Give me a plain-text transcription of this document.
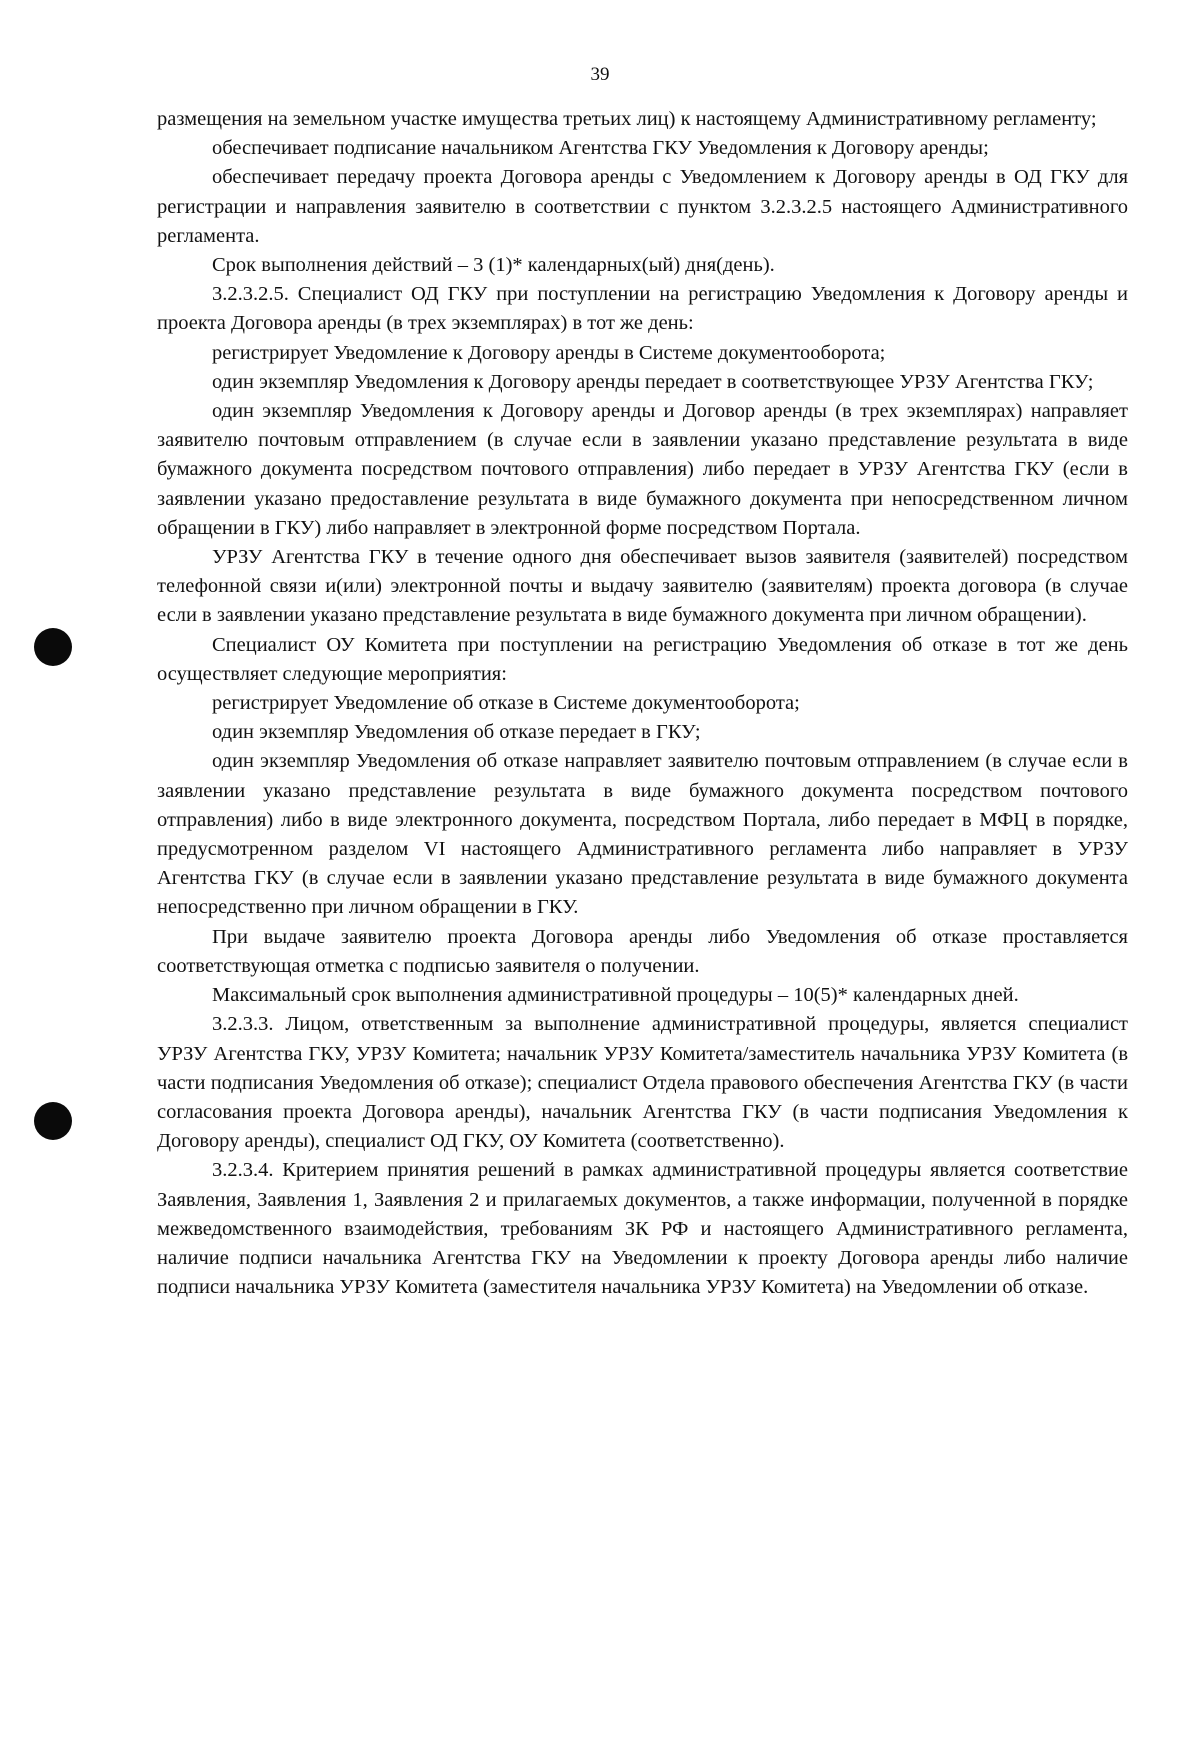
39

размещения на земельном участке имущества третьих лиц) к настоящему Административному регламенту;

обеспечивает подписание начальником Агентства ГКУ Уведомления к Договору аренды;

обеспечивает передачу проекта Договора аренды с Уведомлением к Договору аренды в ОД ГКУ для регистрации и направления заявителю в соответствии с пунктом 3.2.3.2.5 настоящего Административного регламента.

Срок выполнения действий – 3 (1)* календарных(ый) дня(день).

3.2.3.2.5. Специалист ОД ГКУ при поступлении на регистрацию Уведомления к Договору аренды и проекта Договора аренды (в трех экземплярах) в тот же день:

регистрирует Уведомление к Договору аренды в Системе документооборота;

один экземпляр Уведомления к Договору аренды передает в соответствующее УРЗУ Агентства ГКУ;

один экземпляр Уведомления к Договору аренды и Договор аренды (в трех экземплярах) направляет заявителю почтовым отправлением (в случае если в заявлении указано представление результата в виде бумажного документа посредством почтового отправления) либо передает в УРЗУ Агентства ГКУ (если в заявлении указано предоставление результата в виде бумажного документа при непосредственном личном обращении в ГКУ) либо направляет в электронной форме посредством Портала.

УРЗУ Агентства ГКУ в течение одного дня обеспечивает вызов заявителя (заявителей) посредством телефонной связи и(или) электронной почты и выдачу заявителю (заявителям) проекта договора (в случае если в заявлении указано представление результата в виде бумажного документа при личном обращении).

Специалист ОУ Комитета при поступлении на регистрацию Уведомления об отказе в тот же день осуществляет следующие мероприятия:

регистрирует Уведомление об отказе в Системе документооборота;

один экземпляр Уведомления об отказе передает в ГКУ;

один экземпляр Уведомления об отказе направляет заявителю почтовым отправлением (в случае если в заявлении указано представление результата в виде бумажного документа посредством почтового отправления) либо в виде электронного документа, посредством Портала, либо передает в МФЦ в порядке, предусмотренном разделом VI настоящего Административного регламента либо направляет в УРЗУ Агентства ГКУ (в случае если в заявлении указано представление результата в виде бумажного документа непосредственно при личном обращении в ГКУ.

При выдаче заявителю проекта Договора аренды либо Уведомления об отказе проставляется соответствующая отметка с подписью заявителя о получении.

Максимальный срок выполнения административной процедуры – 10(5)* календарных дней.

3.2.3.3. Лицом, ответственным за выполнение административной процедуры, является специалист УРЗУ Агентства ГКУ, УРЗУ Комитета; начальник УРЗУ Комитета/заместитель начальника УРЗУ Комитета (в части подписания Уведомления об отказе); специалист Отдела правового обеспечения Агентства ГКУ (в части согласования проекта Договора аренды), начальник Агентства ГКУ (в части подписания Уведомления к Договору аренды), специалист ОД ГКУ, ОУ Комитета (соответственно).

3.2.3.4. Критерием принятия решений в рамках административной процедуры является соответствие Заявления, Заявления 1, Заявления 2 и прилагаемых документов, а также информации, полученной в порядке межведомственного взаимодействия, требованиям ЗК РФ и настоящего Административного регламента, наличие подписи начальника Агентства ГКУ на Уведомлении к проекту Договора аренды либо наличие подписи начальника УРЗУ Комитета (заместителя начальника УРЗУ Комитета) на Уведомлении об отказе.
